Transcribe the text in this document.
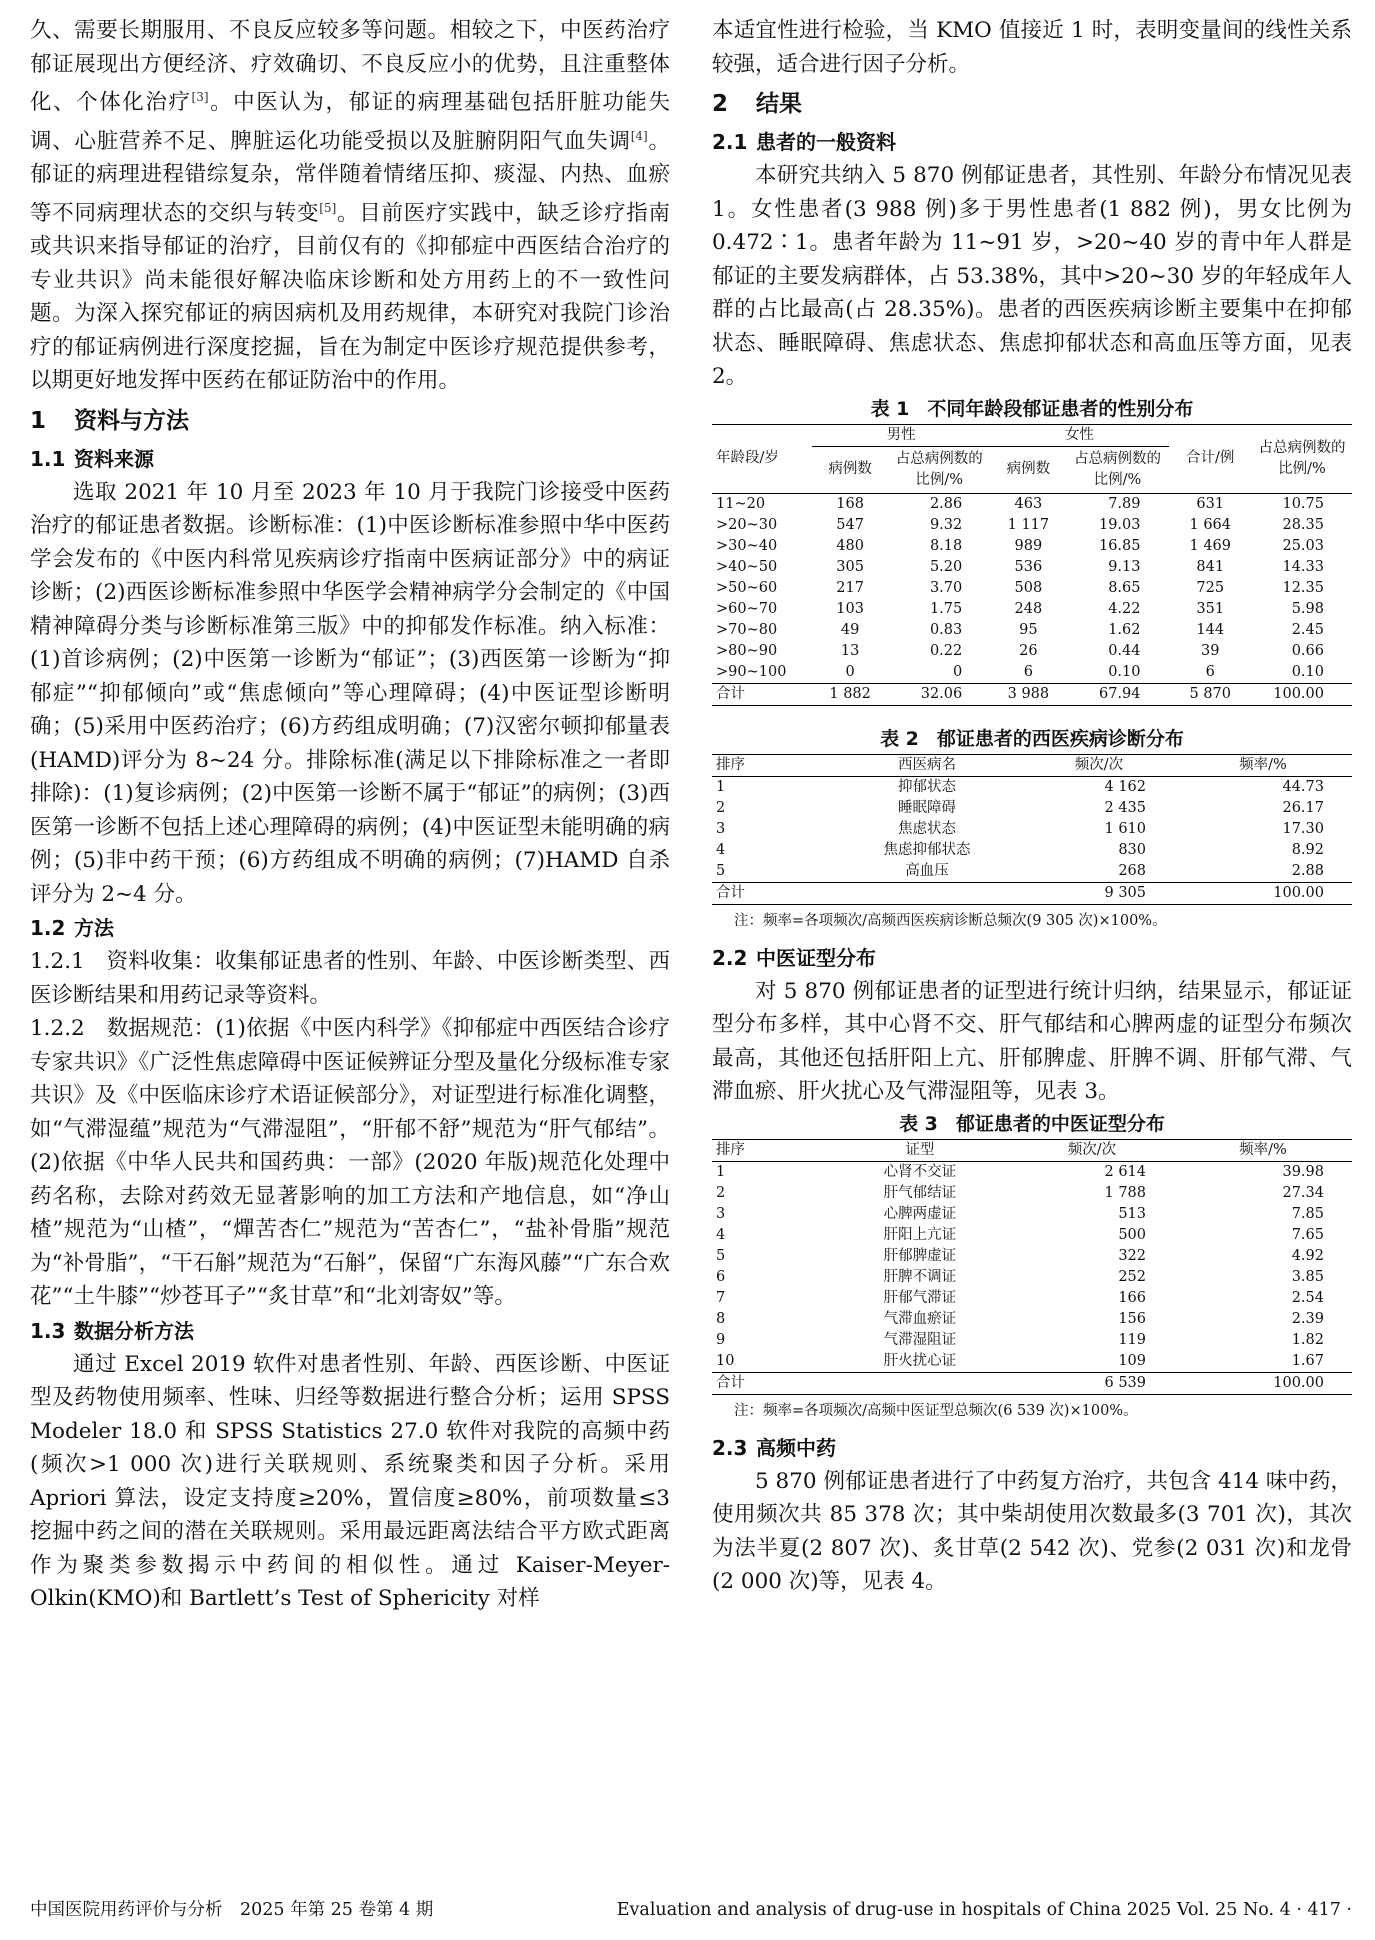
久、需要长期服用、不良反应较多等问题。相较之下，中医药治疗郁证展现出方便经济、疗效确切、不良反应小的优势，且注重整体化、个体化治疗[3]。中医认为，郁证的病理基础包括肝脏功能失调、心脏营养不足、脾脏运化功能受损以及脏腑阴阳气血失调[4]。郁证的病理进程错综复杂，常伴随着情绪压抑、痰湿、内热、血瘀等不同病理状态的交织与转变[5]。目前医疗实践中，缺乏诊疗指南或共识来指导郁证的治疗，目前仅有的《抑郁症中西医结合治疗的专业共识》尚未能很好解决临床诊断和处方用药上的不一致性问题。为深入探究郁证的病因病机及用药规律，本研究对我院门诊治疗的郁证病例进行深度挖掘，旨在为制定中医诊疗规范提供参考，以期更好地发挥中医药在郁证防治中的作用。

1 资料与方法
1.1 资料来源

选取 2021 年 10 月至 2023 年 10 月于我院门诊接受中医药治疗的郁证患者数据。诊断标准：(1)中医诊断标准参照中华中医药学会发布的《中医内科常见疾病诊疗指南中医病证部分》中的病证诊断；(2)西医诊断标准参照中华医学会精神病学分会制定的《中国精神障碍分类与诊断标准第三版》中的抑郁发作标准。纳入标准：(1)首诊病例；(2)中医第一诊断为“郁证”；(3)西医第一诊断为“抑郁症”“抑郁倾向”或“焦虑倾向”等心理障碍；(4)中医证型诊断明确；(5)采用中医药治疗；(6)方药组成明确；(7)汉密尔顿抑郁量表(HAMD)评分为 8~24 分。排除标准(满足以下排除标准之一者即排除)：(1)复诊病例；(2)中医第一诊断不属于“郁证”的病例；(3)西医第一诊断不包括上述心理障碍的病例；(4)中医证型未能明确的病例；(5)非中药干预；(6)方药组成不明确的病例；(7)HAMD 自杀评分为 2~4 分。

1.2 方法

1.2.1　资料收集：收集郁证患者的性别、年龄、中医诊断类型、西医诊断结果和用药记录等资料。

1.2.2　数据规范：(1)依据《中医内科学》《抑郁症中西医结合诊疗专家共识》《广泛性焦虑障碍中医证候辨证分型及量化分级标准专家共识》及《中医临床诊疗术语证候部分》，对证型进行标准化调整，如“气滞湿蕴”规范为“气滞湿阻”，“肝郁不舒”规范为“肝气郁结”。(2)依据《中华人民共和国药典：一部》(2020 年版)规范化处理中药名称，去除对药效无显著影响的加工方法和产地信息，如“净山楂”规范为“山楂”，“燀苦杏仁”规范为“苦杏仁”，“盐补骨脂”规范为“补骨脂”，“干石斛”规范为“石斛”，保留“广东海风藤”“广东合欢花”“土牛膝”“炒苍耳子”“炙甘草”和“北刘寄奴”等。

1.3 数据分析方法

通过 Excel 2019 软件对患者性别、年龄、西医诊断、中医证型及药物使用频率、性味、归经等数据进行整合分析；运用 SPSS Modeler 18.0 和 SPSS Statistics 27.0 软件对我院的高频中药(频次>1 000 次)进行关联规则、系统聚类和因子分析。采用 Apriori 算法，设定支持度≥20%，置信度≥80%，前项数量≤3 挖掘中药之间的潜在关联规则。采用最远距离法结合平方欧式距离作为聚类参数揭示中药间的相似性。通过 Kaiser-Meyer-Olkin(KMO)和 Bartlett’s Test of Sphericity 对样

本适宜性进行检验，当 KMO 值接近 1 时，表明变量间的线性关系较强，适合进行因子分析。

2 结果
2.1 患者的一般资料

本研究共纳入 5 870 例郁证患者，其性别、年龄分布情况见表 1。女性患者(3 988 例)多于男性患者(1 882 例)，男女比例为 0.472∶1。患者年龄为 11~91 岁，>20~40 岁的青中年人群是郁证的主要发病群体，占 53.38%，其中>20~30 岁的年轻成年人群的占比最高(占 28.35%)。患者的西医疾病诊断主要集中在抑郁状态、睡眠障碍、焦虑状态、焦虑抑郁状态和高血压等方面，见表 2。

表 1 不同年龄段郁证患者的性别分布
年龄段/岁	男性		女性		合计/例	占总病例数的比例/%
	病例数	占总病例数的比例/%	病例数	占总病例数的比例/%		
11~20	168	2.86	463	7.89	631	10.75
>20~30	547	9.32	1 117	19.03	1 664	28.35
>30~40	480	8.18	989	16.85	1 469	25.03
>40~50	305	5.20	536	9.13	841	14.33
>50~60	217	3.70	508	8.65	725	12.35
>60~70	103	1.75	248	4.22	351	5.98
>70~80	49	0.83	95	1.62	144	2.45
>80~90	13	0.22	26	0.44	39	0.66
>90~100	0	0	6	0.10	6	0.10
合计	1 882	32.06	3 988	67.94	5 870	100.00
表 2 郁证患者的西医疾病诊断分布
排序	西医病名	频次/次	频率/%
1	抑郁状态	4 162	44.73
2	睡眠障碍	2 435	26.17
3	焦虑状态	1 610	17.30
4	焦虑抑郁状态	830	8.92
5	高血压	268	2.88
合计		9 305	100.00
注：频率=各项频次/高频西医疾病诊断总频次(9 305 次)×100%。
2.2 中医证型分布

对 5 870 例郁证患者的证型进行统计归纳，结果显示，郁证证型分布多样，其中心肾不交、肝气郁结和心脾两虚的证型分布频次最高，其他还包括肝阳上亢、肝郁脾虚、肝脾不调、肝郁气滞、气滞血瘀、肝火扰心及气滞湿阻等，见表 3。

表 3 郁证患者的中医证型分布
排序	证型	频次/次	频率/%
1	心肾不交证	2 614	39.98
2	肝气郁结证	1 788	27.34
3	心脾两虚证	513	7.85
4	肝阳上亢证	500	7.65
5	肝郁脾虚证	322	4.92
6	肝脾不调证	252	3.85
7	肝郁气滞证	166	2.54
8	气滞血瘀证	156	2.39
9	气滞湿阻证	119	1.82
10	肝火扰心证	109	1.67
合计		6 539	100.00
注：频率=各项频次/高频中医证型总频次(6 539 次)×100%。
2.3 高频中药

5 870 例郁证患者进行了中药复方治疗，共包含 414 味中药，使用频次共 85 378 次；其中柴胡使用次数最多(3 701 次)，其次为法半夏(2 807 次)、炙甘草(2 542 次)、党参(2 031 次)和龙骨(2 000 次)等，见表 4。

中国医院用药评价与分析　2025 年第 25 卷第 4 期	Evaluation and analysis of drug-use in hospitals of China 2025 Vol. 25 No. 4 · 417 ·
